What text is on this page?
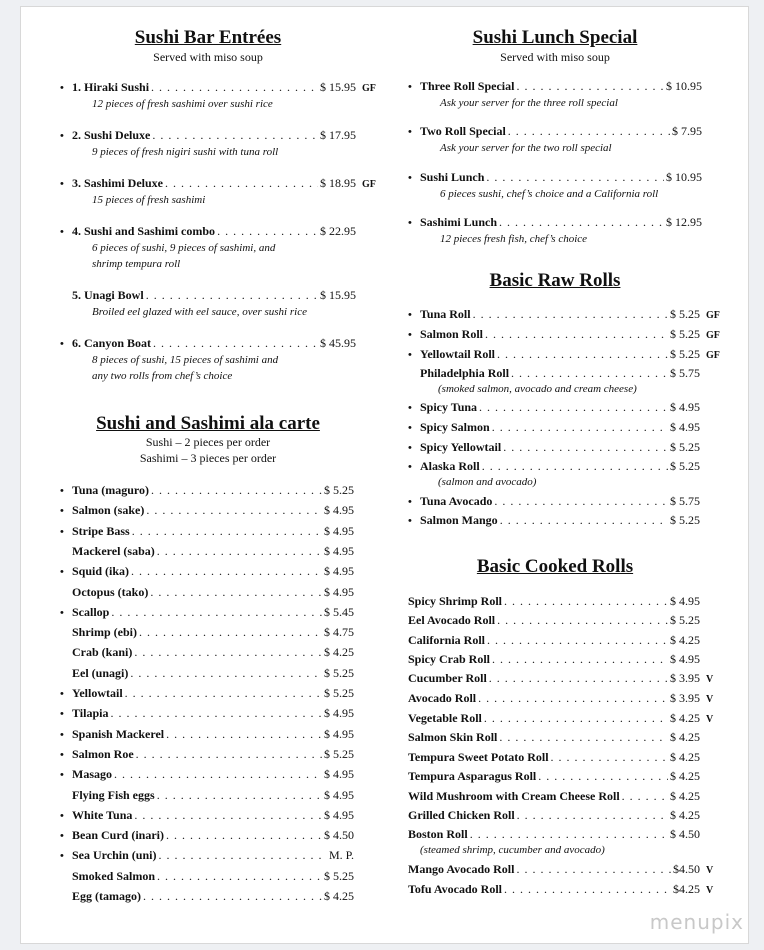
Sushi Bar Entrées
Served with miso soup
• 1. Hiraki Sushi . . .	$ 15.95 GF
12 pieces of fresh sashimi over sushi rice
• 2. Sushi Deluxe . . .	$ 17.95
9 pieces of fresh nigiri sushi with tuna roll
• 3. Sashimi Deluxe . . .	$ 18.95 GF
15 pieces of fresh sashimi
• 4. Sushi and Sashimi combo . . .	$ 22.95
6 pieces of sushi, 9 pieces of sashimi, and
shrimp tempura roll
5. Unagi Bowl . . .	$ 15.95
Broiled eel glazed with eel sauce, over sushi rice
• 6. Canyon Boat . . .	$ 45.95
8 pieces of sushi, 15 pieces of sashimi and
any two rolls from chef’s choice
Sushi and Sashimi ala carte
Sushi – 2 pieces per order
Sashimi – 3 pieces per order
• Tuna (maguro) . . .	$ 5.25
• Salmon (sake) . . .	$ 4.95
• Stripe Bass . . .	$ 4.95
Mackerel (saba) . . .	$ 4.95
• Squid (ika) . . .	$ 4.95
Octopus (tako) . . .	$ 4.95
• Scallop . . .	$ 5.45
Shrimp (ebi) . . .	$ 4.75
Crab (kani) . . .	$ 4.25
Eel (unagi) . . .	$ 5.25
• Yellowtail . . .	$ 5.25
• Tilapia . . .	$ 4.95
• Spanish Mackerel . . .	$ 4.95
• Salmon Roe . . .	$ 5.25
• Masago . . .	$ 4.95
Flying Fish eggs . . .	$ 4.95
• White Tuna . . .	$ 4.95
• Bean Curd (inari) . . .	$ 4.50
• Sea Urchin (uni) . . .	M. P.
Smoked Salmon . . .	$ 5.25
Egg (tamago) . . .	$ 4.25
Sushi Lunch Special
Served with miso soup
• Three Roll Special . . .	$ 10.95
Ask your server for the three roll special
• Two Roll Special . . .	$ 7.95
Ask your server for the two roll special
• Sushi Lunch . . .	$ 10.95
6 pieces sushi, chef’s choice and a California roll
• Sashimi Lunch . . .	$ 12.95
12 pieces fresh fish, chef’s choice
Basic Raw Rolls
• Tuna Roll . . .	$ 5.25 GF
• Salmon Roll . . .	$ 5.25 GF
• Yellowtail Roll . . .	$ 5.25 GF
Philadelphia Roll . . .	$ 5.75
(smoked salmon, avocado and cream cheese)
• Spicy Tuna . . .	$ 4.95
• Spicy Salmon . . .	$ 4.95
• Spicy Yellowtail . . .	$ 5.25
• Alaska Roll . . .	$ 5.25
(salmon and avocado)
• Tuna Avocado . . .	$ 5.75
• Salmon Mango . . .	$ 5.25
Basic Cooked Rolls
Spicy Shrimp Roll . . .	$ 4.95
Eel Avocado Roll . . .	$ 5.25
California Roll . . .	$ 4.25
Spicy Crab Roll . . .	$ 4.95
Cucumber Roll . . .	$ 3.95 V
Avocado Roll . . .	$ 3.95 V
Vegetable Roll . . .	$ 4.25 V
Salmon Skin Roll . . .	$ 4.25
Tempura Sweet Potato Roll . . .	$ 4.25
Tempura Asparagus Roll . . .	$ 4.25
Wild Mushroom with Cream Cheese Roll . . .	$ 4.25
Grilled Chicken Roll . . .	$ 4.25
Boston Roll . . .	$ 4.50
(steamed shrimp, cucumber and avocado)
Mango Avocado Roll . . .	$4.50 V
Tofu Avocado Roll . . .	$4.25 V
menupix
